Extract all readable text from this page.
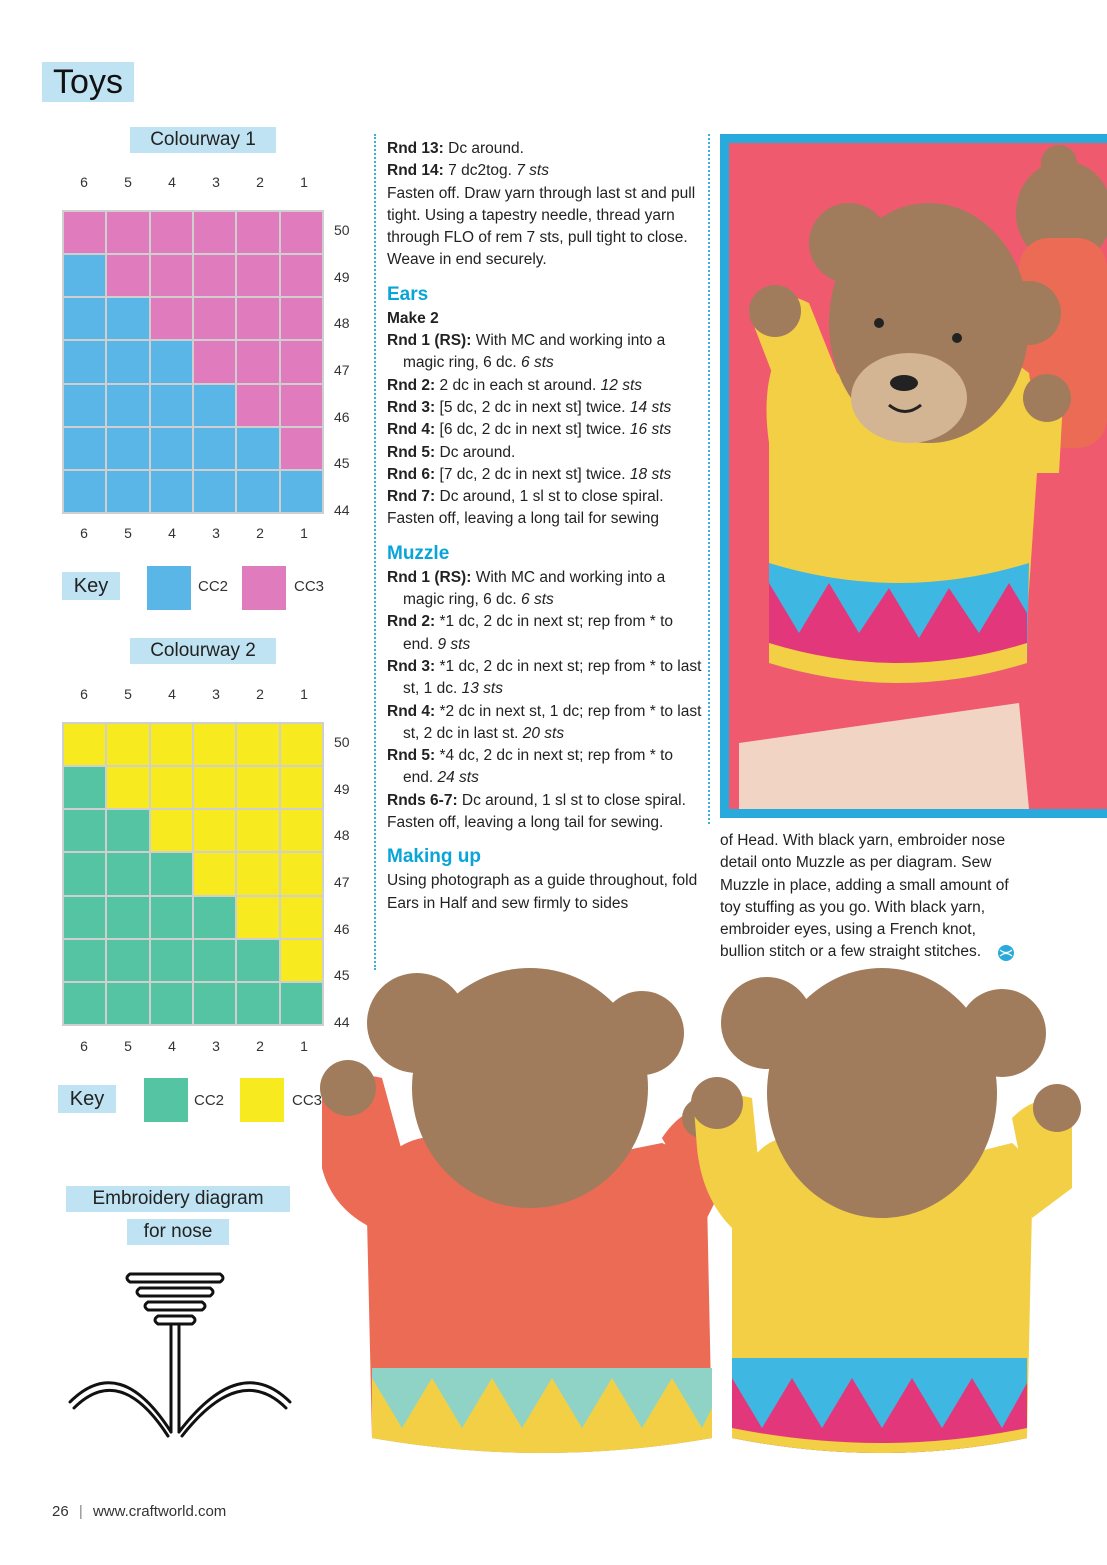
Toys
Colourway 1
6	5	4	3	2	1
50
49
48
47
46
45
44
6	5	4	3	2	1
Key	CC2	CC3
Colourway 2
6	5	4	3	2	1
50
49
48
47
46
45
44
6	5	4	3	2	1
Key	CC2	CC3
Embroidery diagram
for nose

Rnd 13: Dc around.

Rnd 14: 7 dc2tog. 7 sts

Fasten off. Draw yarn through last st and pull tight. Using a tapestry needle, thread yarn through FLO of rem 7 sts, pull tight to close.

Weave in end securely.

Ears

Make 2

Rnd 1 (RS): With MC and working into a magic ring, 6 dc. 6 sts

Rnd 2: 2 dc in each st around. 12 sts

Rnd 3: [5 dc, 2 dc in next st] twice. 14 sts

Rnd 4: [6 dc, 2 dc in next st] twice. 16 sts

Rnd 5: Dc around.

Rnd 6: [7 dc, 2 dc in next st] twice. 18 sts

Rnd 7: Dc around, 1 sl st to close spiral.

Fasten off, leaving a long tail for sewing

Muzzle

Rnd 1 (RS): With MC and working into a magic ring, 6 dc. 6 sts

Rnd 2: *1 dc, 2 dc in next st; rep from * to end. 9 sts

Rnd 3: *1 dc, 2 dc in next st; rep from * to last st, 1 dc. 13 sts

Rnd 4: *2 dc in next st, 1 dc; rep from * to last st, 2 dc in last st. 20 sts

Rnd 5: *4 dc, 2 dc in next st; rep from * to end. 24 sts

Rnds 6-7: Dc around, 1 sl st to close spiral.

Fasten off, leaving a long tail for sewing.

Making up

Using photograph as a guide throughout, fold Ears in Half and sew firmly to sides

of Head. With black yarn, embroider nose detail onto Muzzle as per diagram. Sew Muzzle in place, adding a small amount of toy stuffing as you go. With black yarn, embroider eyes, using a French knot, bullion stitch or a few straight stitches.

26 | www.craftworld.com
